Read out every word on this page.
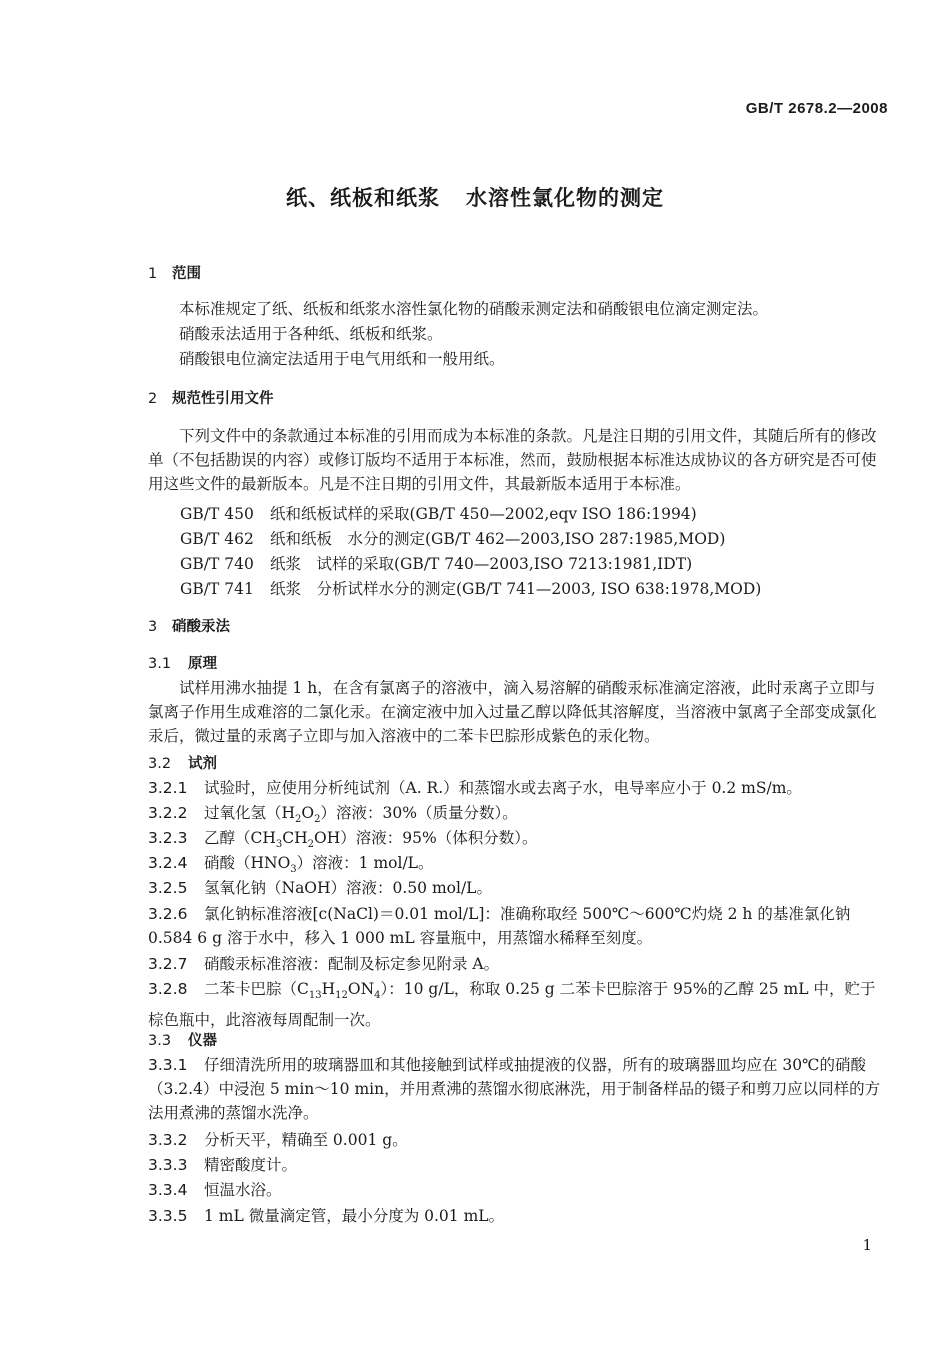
GB/T 2678.2—2008
纸、纸板和纸浆 水溶性氯化物的测定
1 范围
本标准规定了纸、纸板和纸浆水溶性氯化物的硝酸汞测定法和硝酸银电位滴定测定法。
硝酸汞法适用于各种纸、纸板和纸浆。
硝酸银电位滴定法适用于电气用纸和一般用纸。
2 规范性引用文件
下列文件中的条款通过本标准的引用而成为本标准的条款。凡是注日期的引用文件，其随后所有的修改单（不包括勘误的内容）或修订版均不适用于本标准，然而，鼓励根据本标准达成协议的各方研究是否可使用这些文件的最新版本。凡是不注日期的引用文件，其最新版本适用于本标准。
GB/T 450 纸和纸板试样的采取(GB/T 450—2002,eqv ISO 186:1994)
GB/T 462 纸和纸板　水分的测定(GB/T 462—2003,ISO 287:1985,MOD)
GB/T 740 纸浆　试样的采取(GB/T 740—2003,ISO 7213:1981,IDT)
GB/T 741 纸浆　分析试样水分的测定(GB/T 741—2003, ISO 638:1978,MOD)
3 硝酸汞法
3.1 原理
试样用沸水抽提 1 h，在含有氯离子的溶液中，滴入易溶解的硝酸汞标准滴定溶液，此时汞离子立即与氯离子作用生成难溶的二氯化汞。在滴定液中加入过量乙醇以降低其溶解度，当溶液中氯离子全部变成氯化汞后，微过量的汞离子立即与加入溶液中的二苯卡巴腙形成紫色的汞化物。
3.2 试剂
3.2.1 试验时，应使用分析纯试剂（A. R.）和蒸馏水或去离子水，电导率应小于 0.2 mS/m。
3.2.2 过氧化氢$(H_2O_2)$溶液：30%（质量分数）。
3.2.3 乙醇$(CH_3CH_2OH)$溶液：95%（体积分数）。
3.2.4 硝酸$(HNO_3)$溶液：1 mol/L。
3.2.5 氢氧化钠（NaOH）溶液：0.50 mol/L。
3.2.6 氯化钠标准溶液[c(NaCl)＝0.01 mol/L]：准确称取经 500℃～600℃灼烧 2 h 的基准氯化钠 0.584 6 g 溶于水中，移入 1 000 mL 容量瓶中，用蒸馏水稀释至刻度。
3.2.7 硝酸汞标准溶液：配制及标定参见附录 A。
3.2.8 二苯卡巴腙$(C_{13}H_{12}ON_4)$：10 g/L，称取 0.25 g 二苯卡巴腙溶于 95%的乙醇 25 mL 中，贮于棕色瓶中，此溶液每周配制一次。
3.3 仪器
3.3.1 仔细清洗所用的玻璃器皿和其他接触到试样或抽提液的仪器，所有的玻璃器皿均应在 30℃的硝酸（3.2.4）中浸泡 5 min～10 min，并用煮沸的蒸馏水彻底淋洗，用于制备样品的镊子和剪刀应以同样的方法用煮沸的蒸馏水洗净。
3.3.2 分析天平，精确至 0.001 g。
3.3.3 精密酸度计。
3.3.4 恒温水浴。
3.3.5 1 mL 微量滴定管，最小分度为 0.01 mL。
1
